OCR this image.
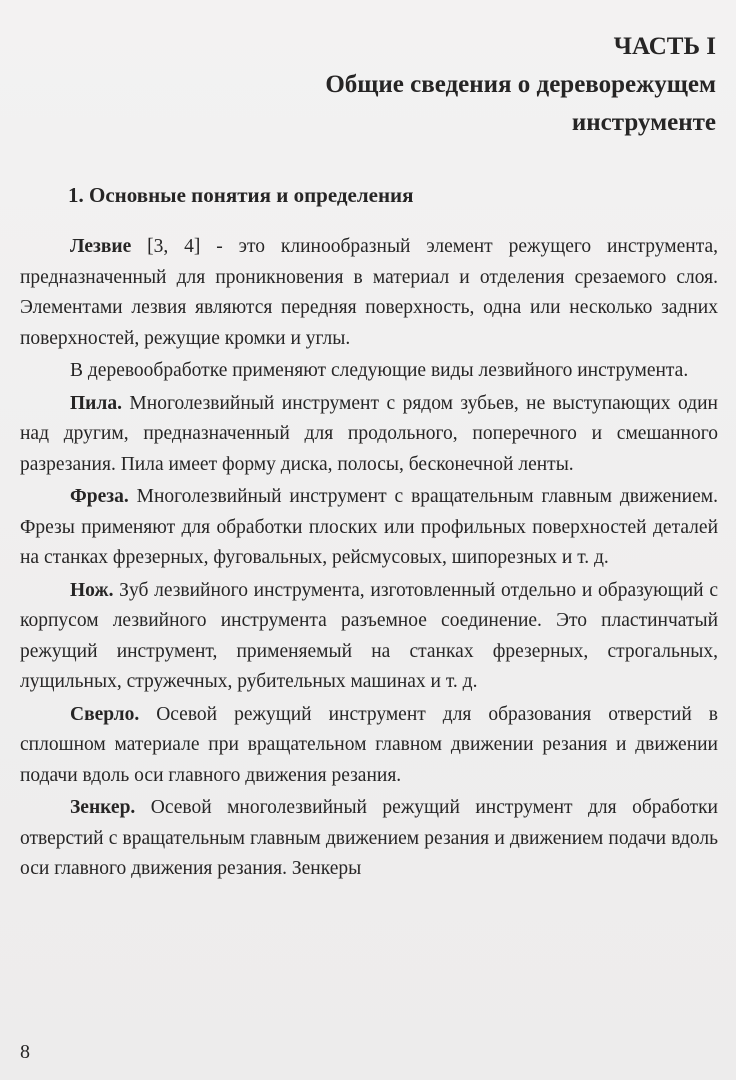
ЧАСТЬ I
Общие сведения о дереворежущем
инструменте
1. Основные понятия и определения

Лезвие [3, 4] - это клинообразный элемент режущего инструмента, предназначенный для проникновения в материал и отделения срезаемого слоя. Элементами лезвия являются передняя поверхность, одна или несколько задних поверхностей, режущие кромки и углы.

В деревообработке применяют следующие виды лезвийного инструмента.

Пила. Многолезвийный инструмент с рядом зубьев, не выступающих один над другим, предназначенный для продольного, поперечного и смешанного разрезания. Пила имеет форму диска, полосы, бесконечной ленты.

Фреза. Многолезвийный инструмент с вращательным главным движением. Фрезы применяют для обработки плоских или профильных поверхностей деталей на станках фрезерных, фуговальных, рейсмусовых, шипорезных и т. д.

Нож. Зуб лезвийного инструмента, изготовленный отдельно и образующий с корпусом лезвийного инструмента разъемное соединение. Это пластинчатый режущий инструмент, применяемый на станках фрезерных, строгальных, лущильных, стружечных, рубительных машинах и т. д.

Сверло. Осевой режущий инструмент для образования отверстий в сплошном материале при вращательном главном движении резания и движении подачи вдоль оси главного движения резания.

Зенкер. Осевой многолезвийный режущий инструмент для обработки отверстий с вращательным главным движением резания и движением подачи вдоль оси главного движения резания. Зенкеры

8
